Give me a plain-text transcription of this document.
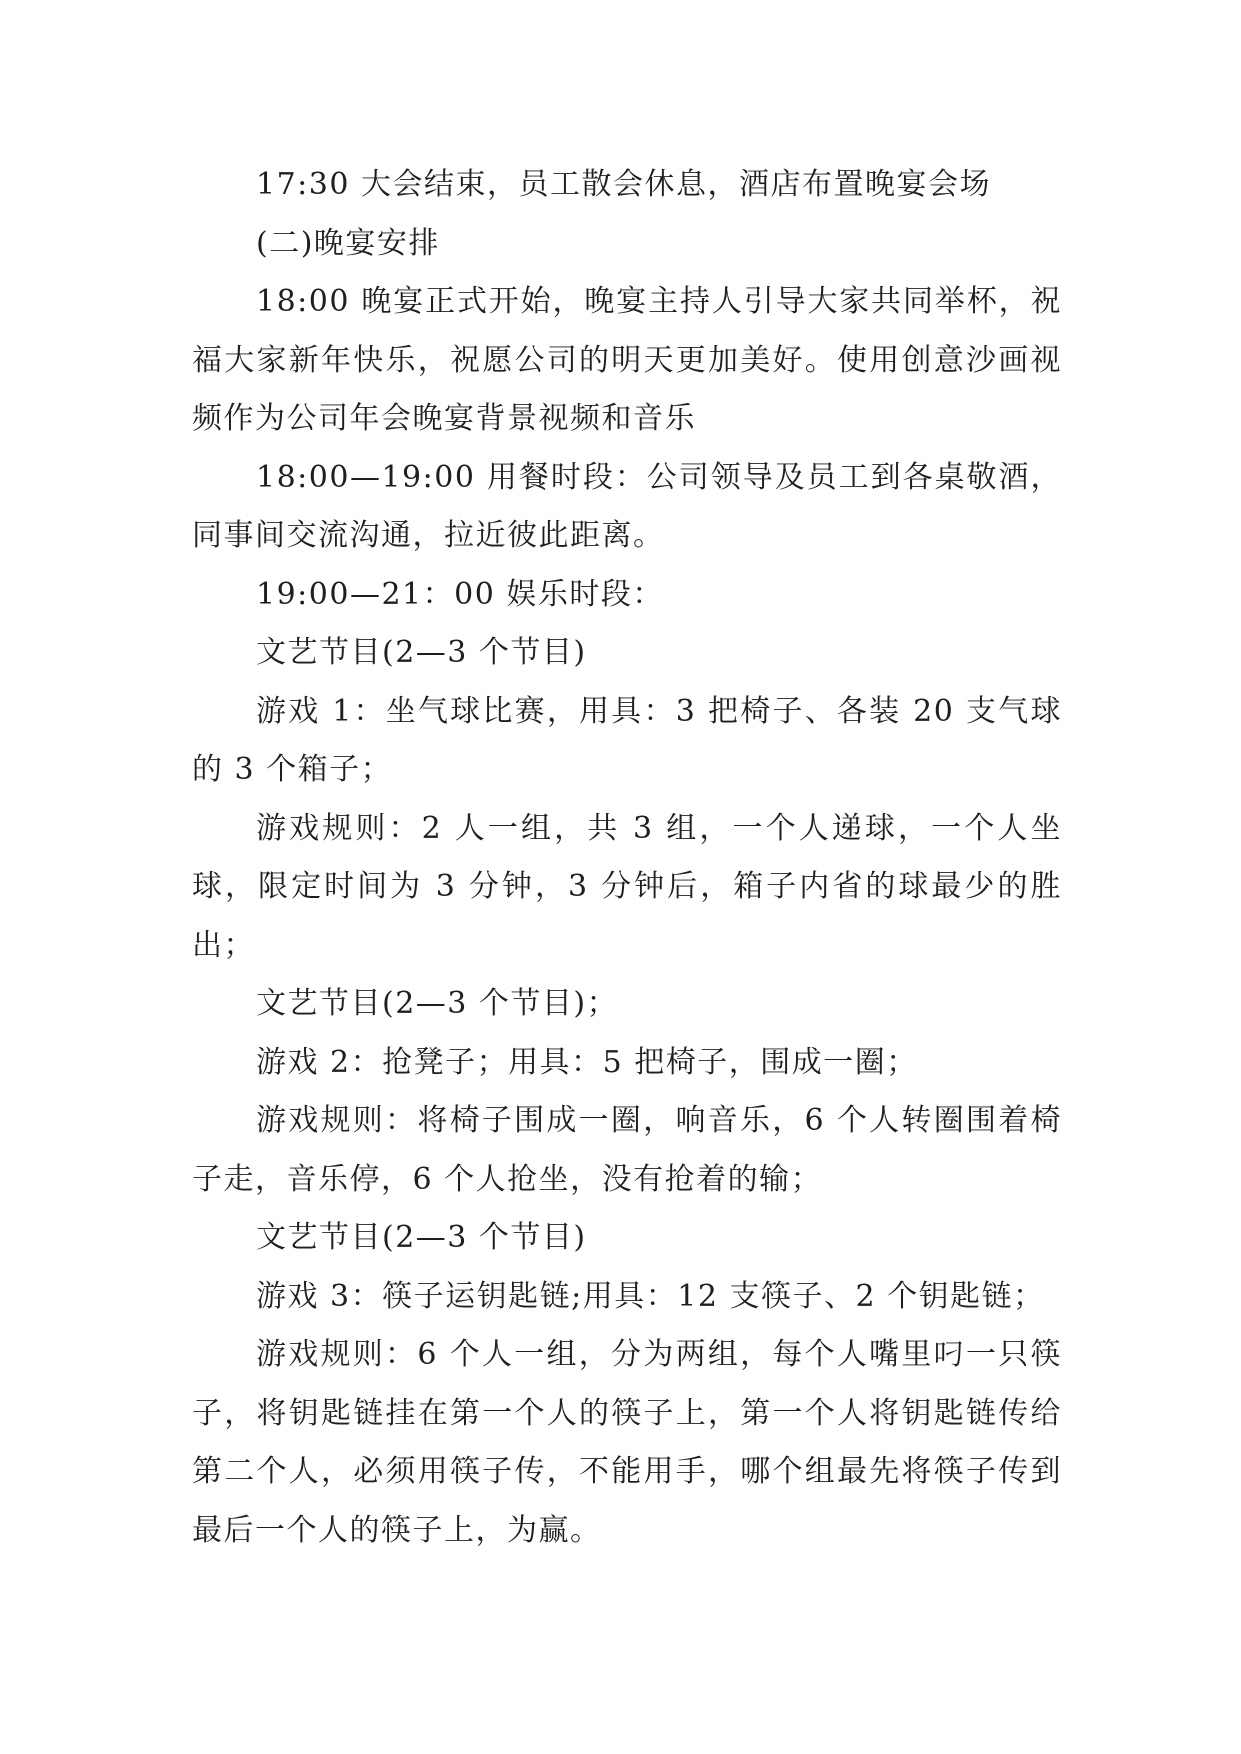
17:30 大会结束，员工散会休息，酒店布置晚宴会场

(二)晚宴安排

18:00 晚宴正式开始，晚宴主持人引导大家共同举杯，祝福大家新年快乐，祝愿公司的明天更加美好。使用创意沙画视频作为公司年会晚宴背景视频和音乐

18:00—19:00 用餐时段：公司领导及员工到各桌敬酒，同事间交流沟通，拉近彼此距离。

19:00—21：00 娱乐时段：

文艺节目(2—3 个节目)

游戏 1：坐气球比赛，用具：3 把椅子、各装 20 支气球的 3 个箱子；

游戏规则：2 人一组，共 3 组，一个人递球，一个人坐球，限定时间为 3 分钟，3 分钟后，箱子内省的球最少的胜出；

文艺节目(2—3 个节目)；

游戏 2：抢凳子；用具：5 把椅子，围成一圈；

游戏规则：将椅子围成一圈，响音乐，6 个人转圈围着椅子走，音乐停，6 个人抢坐，没有抢着的输；

文艺节目(2—3 个节目)

游戏 3：筷子运钥匙链;用具：12 支筷子、2 个钥匙链；

游戏规则：6 个人一组，分为两组，每个人嘴里叼一只筷子，将钥匙链挂在第一个人的筷子上，第一个人将钥匙链传给第二个人，必须用筷子传，不能用手，哪个组最先将筷子传到最后一个人的筷子上，为赢。
